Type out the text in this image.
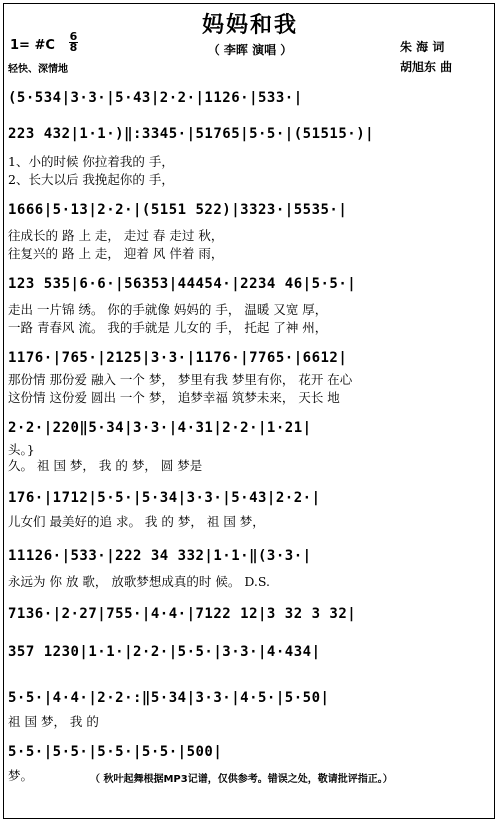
妈妈和我
（ 李晖 演唱 ）	朱 海 词
胡旭东 曲
1= #C
6
8
轻快、深情地
(5·534|3·3·|5·43|2·2·|1126·|533·|
223 432|1·1·)‖:3345·|51765|5·5·|(51515·)|
1、小的时候 你拉着我的 手，
2、长大以后 我挽起你的 手，
1666|5·13|2·2·|(5151 522)|3323·|5535·|
往成长的 路 上 走， 走过 春 走过 秋，
往复兴的 路 上 走， 迎着 风 伴着 雨，
123 535|6·6·|56353|44454·|2234 46|5·5·|
走出 一片锦 绣。 你的手就像 妈妈的 手， 温暖 又宽 厚，
一路 青春风 流。 我的手就是 儿女的 手， 托起 了神 州，
1176·|765·|2125|3·3·|1176·|7765·|6612|
那份情 那份爱 融入 一个 梦， 梦里有我 梦里有你， 花开 在心
这份情 这份爱 圆出 一个 梦， 追梦幸福 筑梦未来， 天长 地
2·2·|220‖5·34|3·3·|4·31|2·2·|1·21|
头。}
久。 祖 国 梦， 我 的 梦， 圆 梦是
176·|1712|5·5·|5·34|3·3·|5·43|2·2·|
儿女们 最美好的追 求。 我 的 梦， 祖 国 梦，
11126·|533·|222 34 332|1·1·‖(3·3·|
永远为 你 放 歌， 放歌梦想成真的时 候。 D.S.
7136·|2·27|755·|4·4·|7122 12|3 32 3 32|
357 1230|1·1·|2·2·|5·5·|3·3·|4·434|
5·5·|4·4·|2·2·:‖5·34|3·3·|4·5·|5·50|
祖 国 梦， 我 的
5·5·|5·5·|5·5·|5·5·|500|
梦。	（ 秋叶起舞根据MP3记谱，仅供参考。错误之处，敬请批评指正。）
